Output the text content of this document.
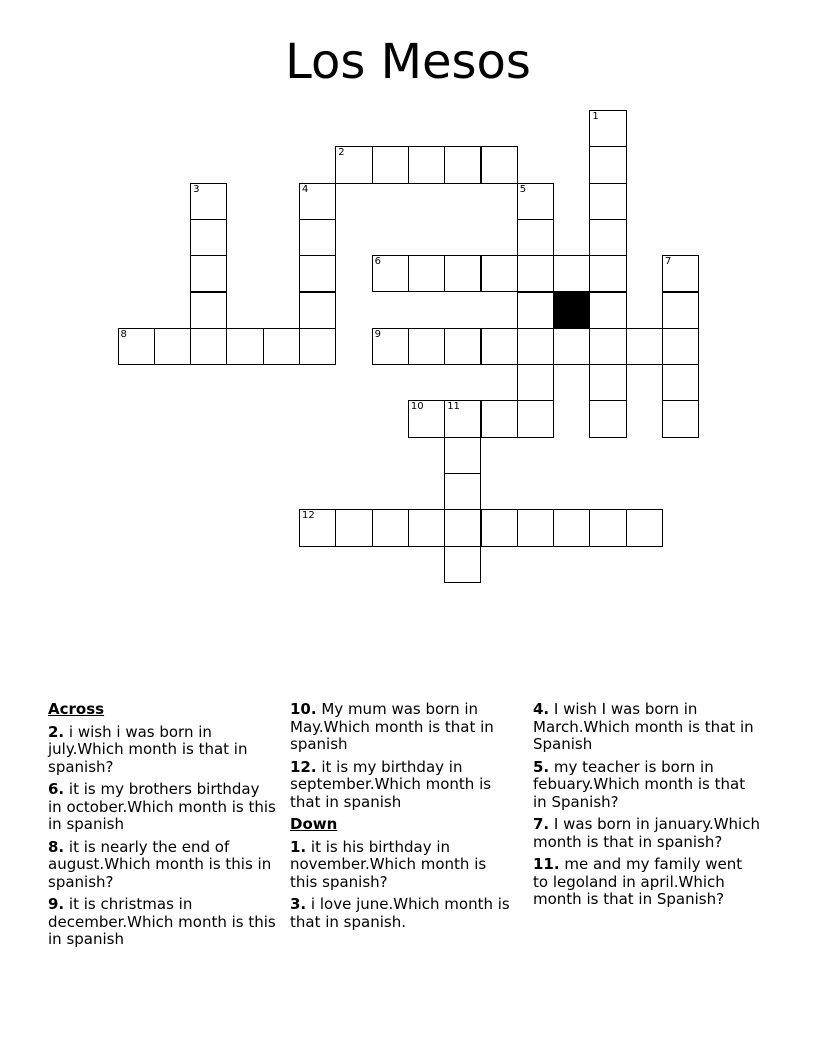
Los Mesos
1
2
3	4	5
6	7
8	9
10 11
12
Across
2. i wish i was born in july.Which month is that in spanish?
6. it is my brothers birthday in october.Which month is this in spanish
8. it is nearly the end of august.Which month is this in spanish?
9. it is christmas in december.Which month is this in spanish
10. My mum was born in May.Which month is that in spanish
12. it is my birthday in september.Which month is that in spanish
Down
1. it is his birthday in november.Which month is this spanish?
3. i love june.Which month is that in spanish.
4. I wish I was born in March.Which month is that in Spanish
5. my teacher is born in febuary.Which month is that in Spanish?
7. I was born in january.Which month is that in spanish?
11. me and my family went to legoland in april.Which month is that in Spanish?
